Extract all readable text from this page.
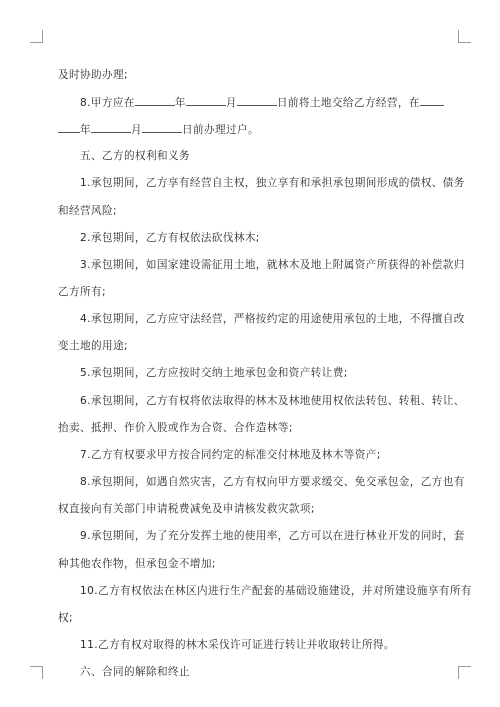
及时协助办理;
8.甲方应在	年	月	日前将土地交给乙方经营，在
年	月	日前办理过户。
五、乙方的权利和义务
1.承包期间，乙方享有经营自主权，独立享有和承担承包期间形成的债权、债务
和经营风险;
2.承包期间，乙方有权依法砍伐林木;
3.承包期间，如国家建设需征用土地，就林木及地上附属资产所获得的补偿款归
乙方所有;
4.承包期间，乙方应守法经营，严格按约定的用途使用承包的土地，不得擅自改
变土地的用途;
5.承包期间，乙方应按时交纳土地承包金和资产转让费;
6.承包期间，乙方有权将依法取得的林木及林地使用权依法转包、转租、转让、
抬卖、抵押、作价入股或作为合资、合作造林等;
7.乙方有权要求甲方按合同约定的标准交付林地及林木等资产;
8.承包期间，如遇自然灾害，乙方有权向甲方要求缓交、免交承包金，乙方也有
权直接向有关部门申请税费减免及申请核发救灾款项;
9.承包期间，为了充分发挥土地的使用率，乙方可以在进行林业开发的同时，套
种其他农作物，但承包金不增加;
10.乙方有权依法在林区内进行生产配套的基础设施建设，并对所建设施享有所有
权;
11.乙方有权对取得的林木采伐许可证进行转让并收取转让所得。
六、合同的解除和终止
